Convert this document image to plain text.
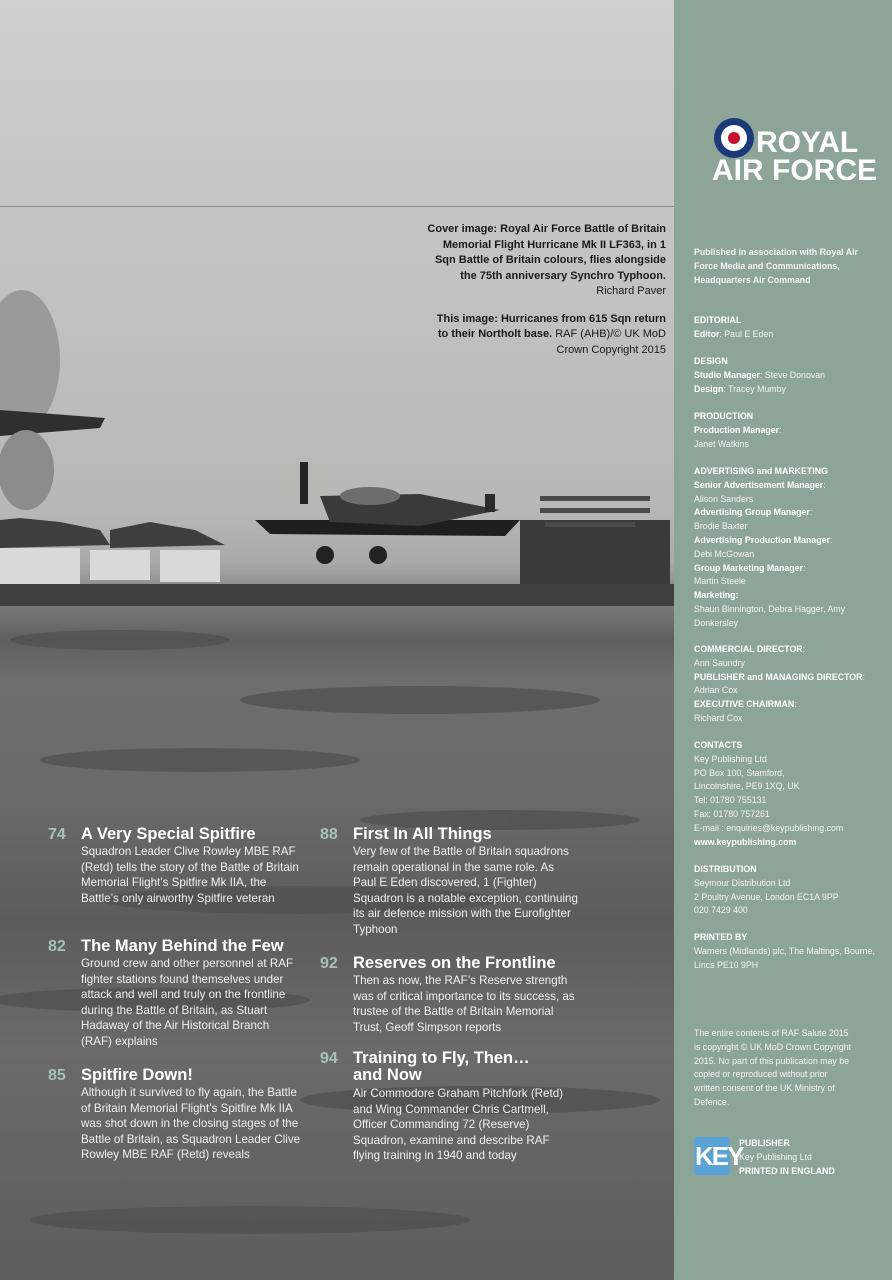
Cover image: Royal Air Force Battle of Britain Memorial Flight Hurricane Mk II LF363, in 1 Sqn Battle of Britain colours, flies alongside the 75th anniversary Synchro Typhoon. Richard Paver

This image: Hurricanes from 615 Sqn return to their Northolt base. RAF (AHB)/© UK MoD Crown Copyright 2015

74 A Very Special Spitfire
Squadron Leader Clive Rowley MBE RAF (Retd) tells the story of the Battle of Britain Memorial Flight’s Spitfire Mk IIA, the Battle’s only airworthy Spitfire veteran
82 The Many Behind the Few
Ground crew and other personnel at RAF fighter stations found themselves under attack and well and truly on the frontline during the Battle of Britain, as Stuart Hadaway of the Air Historical Branch (RAF) explains
85 Spitfire Down!
Although it survived to fly again, the Battle of Britain Memorial Flight’s Spitfire Mk IIA was shot down in the closing stages of the Battle of Britain, as Squadron Leader Clive Rowley MBE RAF (Retd) reveals
88 First In All Things
Very few of the Battle of Britain squadrons remain operational in the same role. As Paul E Eden discovered, 1 (Fighter) Squadron is a notable exception, continuing its air defence mission with the Eurofighter Typhoon
92 Reserves on the Frontline
Then as now, the RAF’s Reserve strength was of critical importance to its success, as trustee of the Battle of Britain Memorial Trust, Geoff Simpson reports
94 Training to Fly, Then… and Now
Air Commodore Graham Pitchfork (Retd) and Wing Commander Chris Cartmell, Officer Commanding 72 (Reserve) Squadron, examine and describe RAF flying training in 1940 and today
ROYAL
AIR FORCE
Published in association with Royal Air Force Media and Communications, Headquarters Air Command
EDITORIAL
Editor: Paul E Eden
DESIGN
Studio Manager: Steve Donovan
Design: Tracey Mumby
PRODUCTION
Production Manager:
Janet Watkins
ADVERTISING and MARKETING
Senior Advertisement Manager:
Alison Sanders
Advertising Group Manager:
Brodie Baxter
Advertising Production Manager:
Debi McGowan
Group Marketing Manager:
Martin Steele
Marketing:
Shaun Binnington, Debra Hagger, Amy Donkersley
COMMERCIAL DIRECTOR:
Ann Saundry
PUBLISHER and MANAGING DIRECTOR: Adrian Cox
EXECUTIVE CHAIRMAN:
Richard Cox
CONTACTS
Key Publishing Ltd
PO Box 100, Stamford,
Lincolnshire, PE9 1XQ, UK
Tel: 01780 755131
Fax: 01780 757261
E-mail : enquiries@keypublishing.com
www.keypublishing.com
DISTRIBUTION
Seymour Distribution Ltd
2 Poultry Avenue, London EC1A 9PP
020 7429 400
PRINTED BY
Warners (Midlands) plc, The Maltings, Bourne, Lincs PE10 9PH
The entire contents of RAF Salute 2015 is copyright © UK MoD Crown Copyright 2015. No part of this publication may be copied or reproduced without prior written consent of the UK Ministry of Defence.
KEY
PUBLISHER
Key Publishing Ltd
PRINTED IN ENGLAND
